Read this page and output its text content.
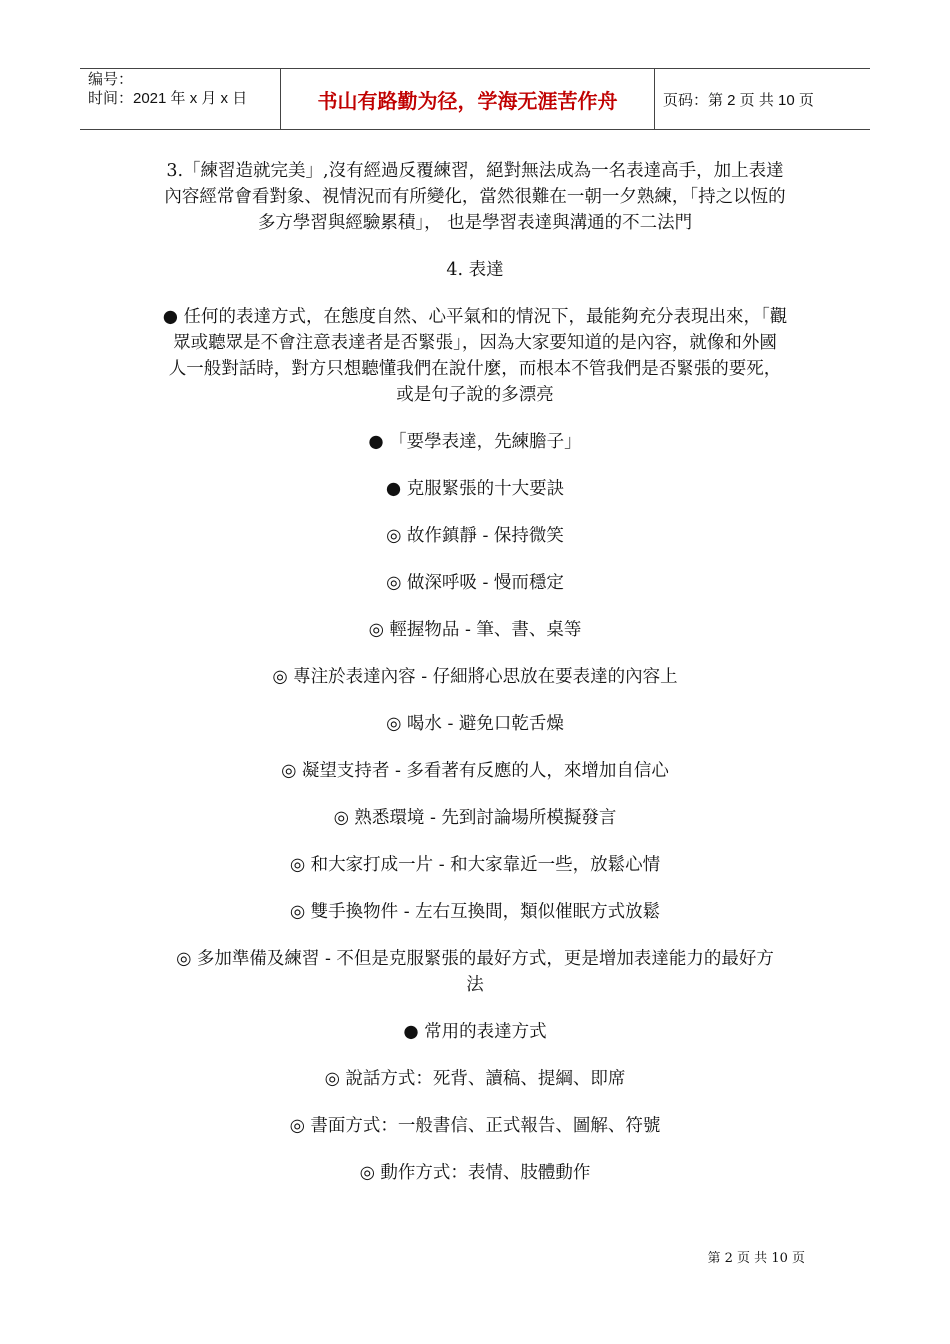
编号：
时间：2021 年 x 月 x 日	书山有路勤为径，学海无涯苦作舟	页码：第 2 页 共 10 页

3.「練習造就完美」,沒有經過反覆練習，絕對無法成為一名表達高手，加上表達
內容經常會看對象、視情況而有所變化，當然很難在一朝一夕熟練，「持之以恆的
多方學習與經驗累積」， 也是學習表達與溝通的不二法門

4. 表達

● 任何的表達方式，在態度自然、心平氣和的情況下，最能夠充分表現出來，「觀
眾或聽眾是不會注意表達者是否緊張」，因為大家要知道的是內容，就像和外國
人一般對話時，對方只想聽懂我們在說什麼，而根本不管我們是否緊張的要死，
或是句子說的多漂亮

● 「要學表達，先練膽子」

● 克服緊張的十大要訣

◎ 故作鎮靜 - 保持微笑

◎ 做深呼吸 - 慢而穩定

◎ 輕握物品 - 筆、書、桌等

◎ 專注於表達內容 - 仔細將心思放在要表達的內容上

◎ 喝水 - 避免口乾舌燥

◎ 凝望支持者 - 多看著有反應的人，來增加自信心

◎ 熟悉環境 - 先到討論場所模擬發言

◎ 和大家打成一片 - 和大家靠近一些，放鬆心情

◎ 雙手換物件 - 左右互換間，類似催眠方式放鬆

◎ 多加準備及練習 - 不但是克服緊張的最好方式，更是增加表達能力的最好方
法

● 常用的表達方式

◎ 說話方式：死背、讀稿、提綱、即席

◎ 書面方式：一般書信、正式報告、圖解、符號

◎ 動作方式：表情、肢體動作

第 2 页 共 10 页
